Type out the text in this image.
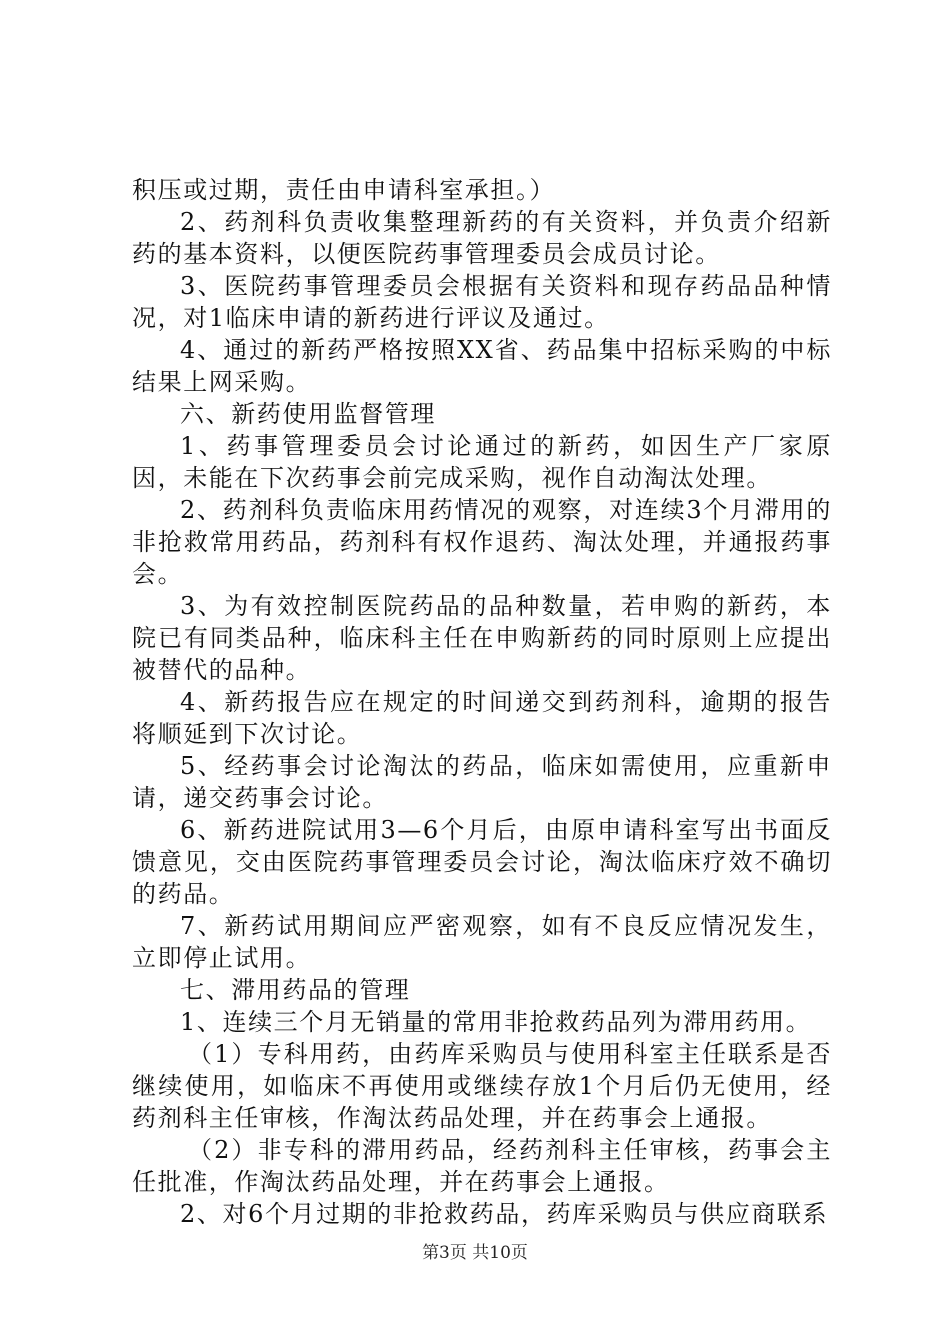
积压或过期，责任由申请科室承担。）

2、药剂科负责收集整理新药的有关资料，并负责介绍新药的基本资料，以便医院药事管理委员会成员讨论。

3、医院药事管理委员会根据有关资料和现存药品品种情况，对1临床申请的新药进行评议及通过。

4、通过的新药严格按照XX省、药品集中招标采购的中标结果上网采购。

六、新药使用监督管理

1、药事管理委员会讨论通过的新药，如因生产厂家原因，未能在下次药事会前完成采购，视作自动淘汰处理。

2、药剂科负责临床用药情况的观察，对连续3个月滞用的非抢救常用药品，药剂科有权作退药、淘汰处理，并通报药事会。

3、为有效控制医院药品的品种数量，若申购的新药，本院已有同类品种，临床科主任在申购新药的同时原则上应提出被替代的品种。

4、新药报告应在规定的时间递交到药剂科，逾期的报告将顺延到下次讨论。

5、经药事会讨论淘汰的药品，临床如需使用，应重新申请，递交药事会讨论。

6、新药进院试用3—6个月后，由原申请科室写出书面反馈意见，交由医院药事管理委员会讨论，淘汰临床疗效不确切的药品。

7、新药试用期间应严密观察，如有不良反应情况发生，立即停止试用。

七、滞用药品的管理

1、连续三个月无销量的常用非抢救药品列为滞用药用。

（1）专科用药，由药库采购员与使用科室主任联系是否继续使用，如临床不再使用或继续存放1个月后仍无使用，经药剂科主任审核，作淘汰药品处理，并在药事会上通报。

（2）非专科的滞用药品，经药剂科主任审核，药事会主任批准，作淘汰药品处理，并在药事会上通报。

2、对6个月过期的非抢救药品，药库采购员与供应商联系

第3页 共10页
